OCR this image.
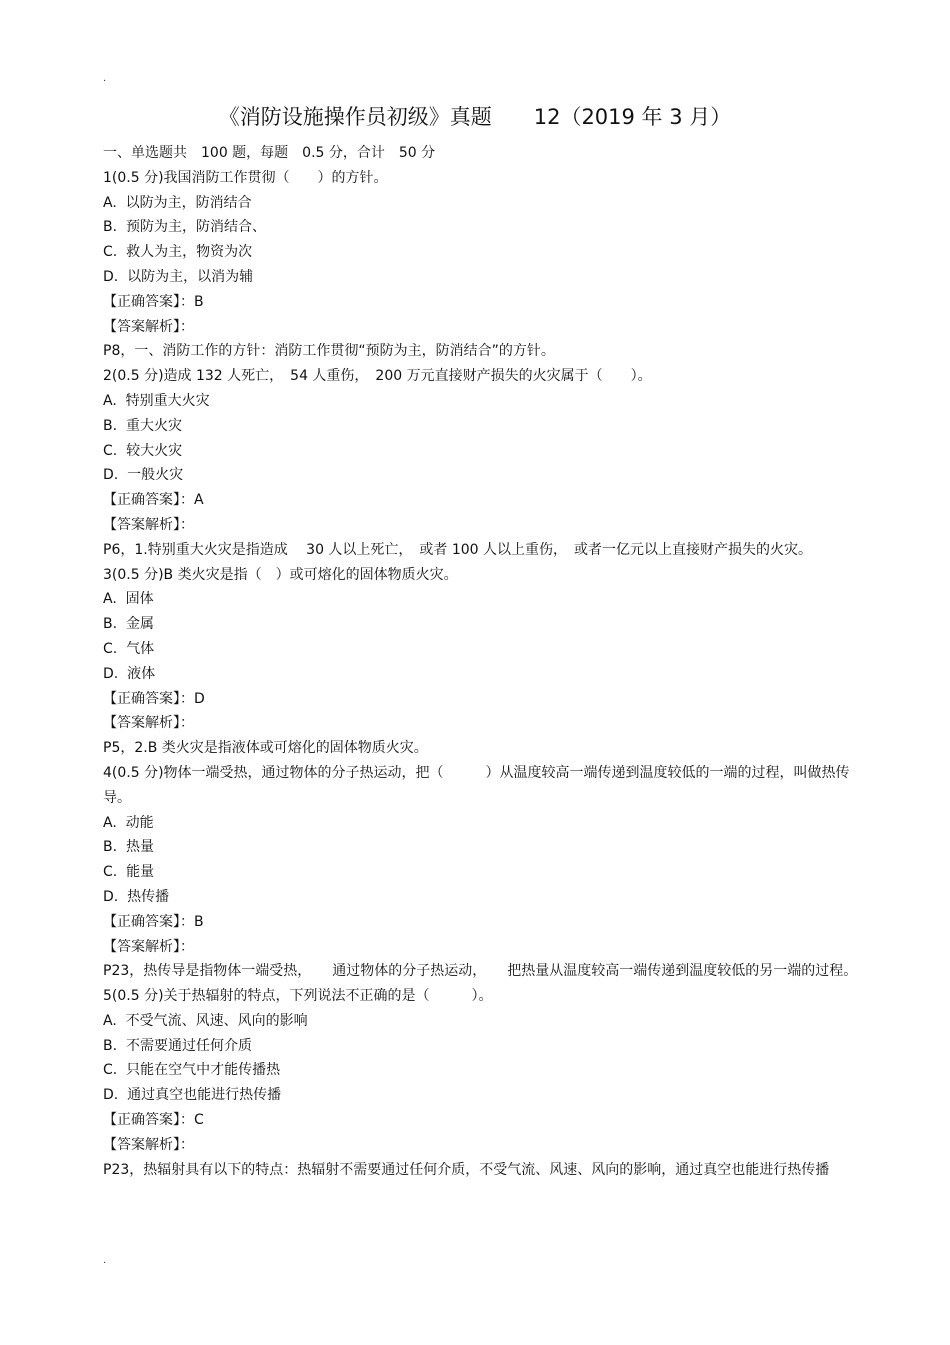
.
《消防设施操作员初级》真题　　12（2019 年 3 月）
一、单选题共　100 题，每题　0.5 分，合计　50 分
1(0.5 分)我国消防工作贯彻（　　）的方针。
A.  以防为主，防消结合
B.  预防为主，防消结合、
C.  救人为主，物资为次
D.  以防为主，以消为辅
【正确答案】：B
【答案解析】：
P8，一、消防工作的方针：消防工作贯彻“预防为主，防消结合”的方针。
2(0.5 分)造成 132 人死亡，　54 人重伤，　200 万元直接财产损失的火灾属于（　　）。
A.  特别重大火灾
B.  重大火灾
C.  较大火灾
D.  一般火灾
【正确答案】：A
【答案解析】：
P6，1.特别重大火灾是指造成　 30 人以上死亡，　或者 100 人以上重伤，　或者一亿元以上直接财产损失的火灾。
3(0.5 分)B 类火灾是指（　）或可熔化的固体物质火灾。
A.  固体
B.  金属
C.  气体
D.  液体
【正确答案】：D
【答案解析】：
P5，2.B 类火灾是指液体或可熔化的固体物质火灾。
4(0.5 分)物体一端受热，通过物体的分子热运动，把（　　　）从温度较高一端传递到温度较低的一端的过程，叫做热传导。
A.  动能
B.  热量
C.  能量
D.  热传播
【正确答案】：B
【答案解析】：
P23，热传导是指物体一端受热，　　通过物体的分子热运动，　　把热量从温度较高一端传递到温度较低的另一端的过程。
5(0.5 分)关于热辐射的特点，下列说法不正确的是（　　　）。
A.  不受气流、风速、风向的影响
B.  不需要通过任何介质
C.  只能在空气中才能传播热
D.  通过真空也能进行热传播
【正确答案】：C
【答案解析】：
P23，热辐射具有以下的特点：热辐射不需要通过任何介质，不受气流、风速、风向的影响，通过真空也能进行热传播
.
